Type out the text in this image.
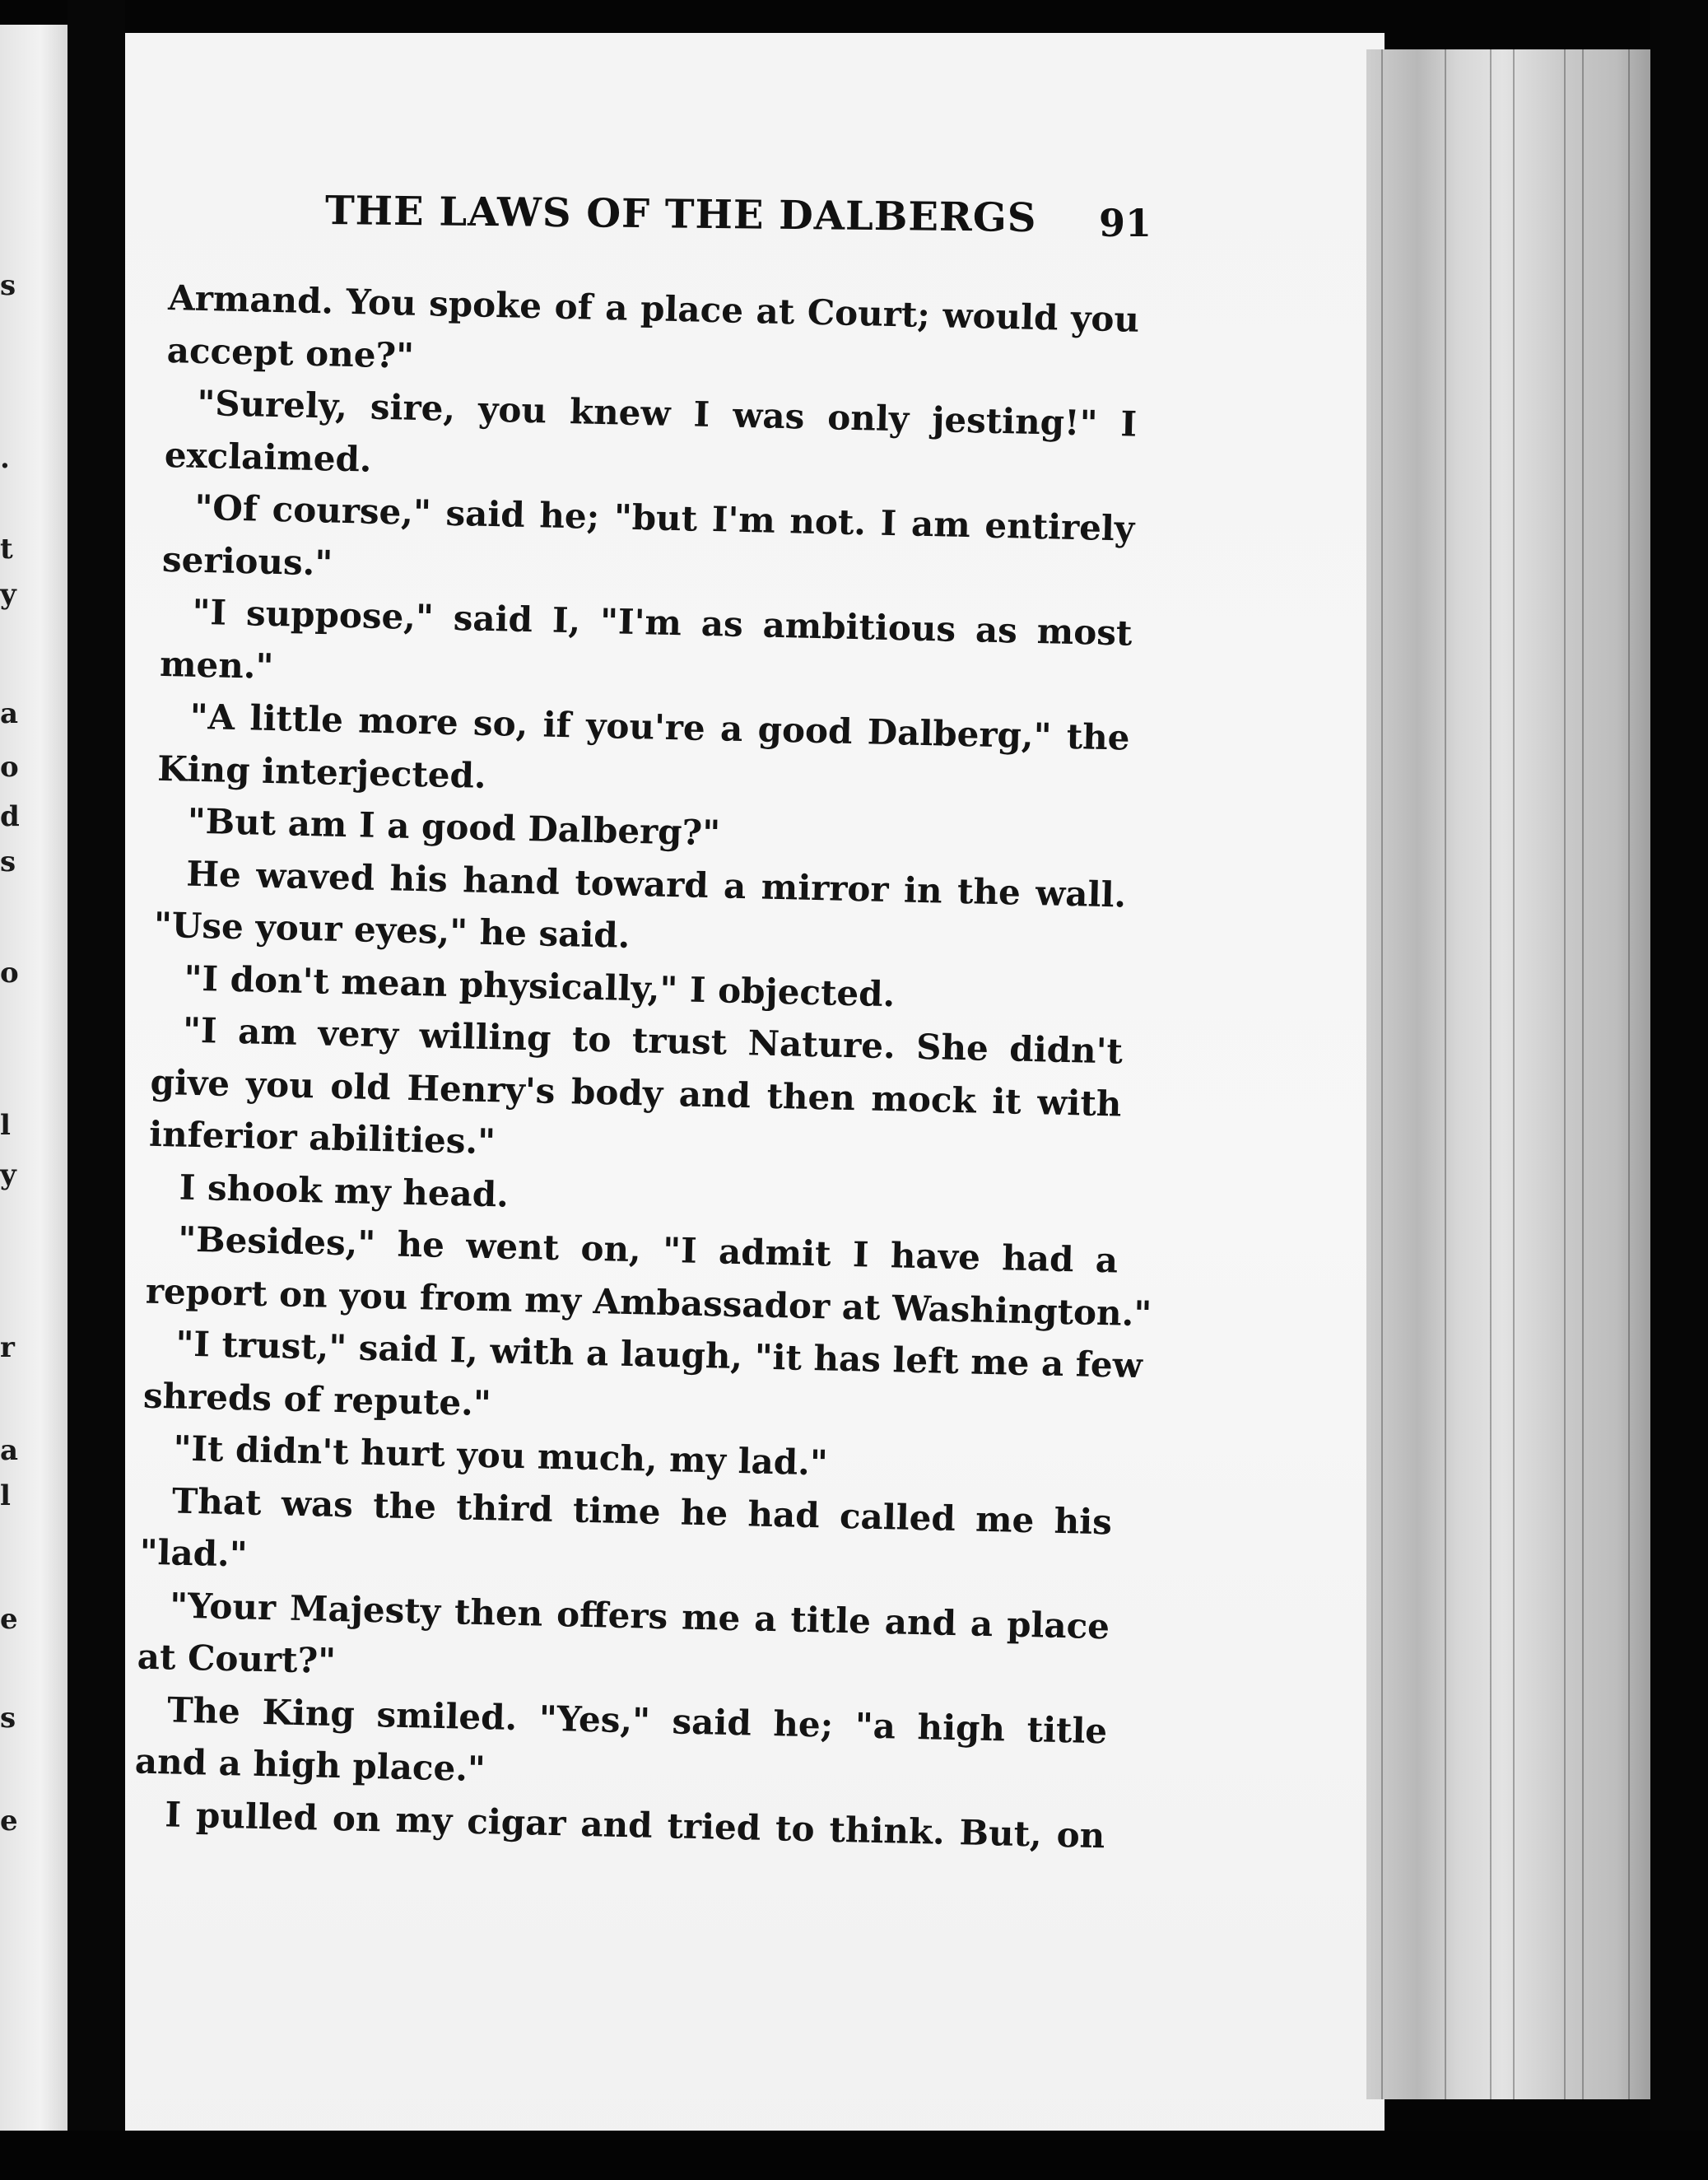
THE LAWS OF THE DALBERGS 91
Armand. You spoke of a place at Court; would you
accept one?"
"Surely, sire, you knew I was only jesting!" I
exclaimed.
"Of course," said he; "but I'm not. I am entirely
serious."
"I suppose," said I, "I'm as ambitious as most
men."
"A little more so, if you're a good Dalberg," the
King interjected.
"But am I a good Dalberg?"
He waved his hand toward a mirror in the wall.
"Use your eyes," he said.
"I don't mean physically," I objected.
"I am very willing to trust Nature. She didn't
give you old Henry's body and then mock it with
inferior abilities."
I shook my head.
"Besides," he went on, "I admit I have had a
report on you from my Ambassador at Washington."
"I trust," said I, with a laugh, "it has left me a few
shreds of repute."
"It didn't hurt you much, my lad."
That was the third time he had called me his
"lad."
"Your Majesty then offers me a title and a place
at Court?"
The King smiled. "Yes," said he; "a high title
and a high place."
I pulled on my cigar and tried to think. But, on
s
.
t
y
a
o
d
s
o
l
y
r
a
l
e
s
e
